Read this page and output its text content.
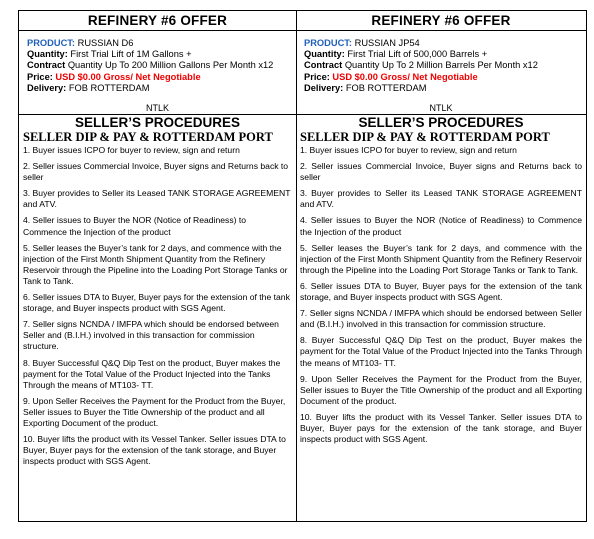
REFINERY #6 OFFER
PRODUCT: RUSSIAN D6
Quantity: First Trial Lift of 1M Gallons +
Contract Quantity Up To 200 Million Gallons Per Month x12
Price: USD $0.00 Gross/ Net Negotiable
Delivery: FOB ROTTERDAM
NTLK
SELLER’S PROCEDURES
SELLER DIP & PAY & ROTTERDAM PORT
1. Buyer issues ICPO for buyer to review, sign and return
2. Seller issues Commercial Invoice, Buyer signs and Returns back to seller
3. Buyer provides to Seller its Leased TANK STORAGE AGREEMENT and ATV.
4. Seller issues to Buyer the NOR (Notice of Readiness) to Commence the Injection of the product
5. Seller leases the Buyer’s tank for 2 days, and commence with the injection of the First Month Shipment Quantity from the Refinery Reservoir through the Pipeline into the Loading Port Storage Tanks or Tank to Tank.
6. Seller issues DTA to Buyer, Buyer pays for the extension of the tank storage, and Buyer inspects product with SGS Agent.
7. Seller signs NCNDA / IMFPA which should be endorsed between Seller and (B.I.H.) involved in this transaction for commission structure.
8. Buyer Successful Q&Q Dip Test on the product, Buyer makes the payment for the Total Value of the Product Injected into the Tanks Through the means of MT103- TT.
9. Upon Seller Receives the Payment for the Product from the Buyer, Seller issues to Buyer the Title Ownership of the product and all Exporting Document of the product.
10. Buyer lifts the product with its Vessel Tanker. Seller issues DTA to Buyer, Buyer pays for the extension of the tank storage, and Buyer inspects product with SGS Agent.
REFINERY #6 OFFER
PRODUCT: RUSSIAN JP54
Quantity: First Trial Lift of 500,000 Barrels +
Contract Quantity Up To 2 Million Barrels Per Month x12
Price: USD $0.00 Gross/ Net Negotiable
Delivery: FOB ROTTERDAM
NTLK
SELLER’S PROCEDURES
SELLER DIP & PAY & ROTTERDAM PORT
1. Buyer issues ICPO for buyer to review, sign and return
2. Seller issues Commercial Invoice, Buyer signs and Returns back to seller
3. Buyer provides to Seller its Leased TANK STORAGE AGREEMENT and ATV.
4. Seller issues to Buyer the NOR (Notice of Readiness) to Commence the Injection of the product
5. Seller leases the Buyer’s tank for 2 days, and commence with the injection of the First Month Shipment Quantity from the Refinery Reservoir through the Pipeline into the Loading Port Storage Tanks or Tank to Tank.
6. Seller issues DTA to Buyer, Buyer pays for the extension of the tank storage, and Buyer inspects product with SGS Agent.
7. Seller signs NCNDA / IMFPA which should be endorsed between Seller and (B.I.H.) involved in this transaction for commission structure.
8. Buyer Successful Q&Q Dip Test on the product, Buyer makes the payment for the Total Value of the Product Injected into the Tanks Through the means of MT103- TT.
9. Upon Seller Receives the Payment for the Product from the Buyer, Seller issues to Buyer the Title Ownership of the product and all Exporting Document of the product.
10. Buyer lifts the product with its Vessel Tanker. Seller issues DTA to Buyer, Buyer pays for the extension of the tank storage, and Buyer inspects product with SGS Agent.
